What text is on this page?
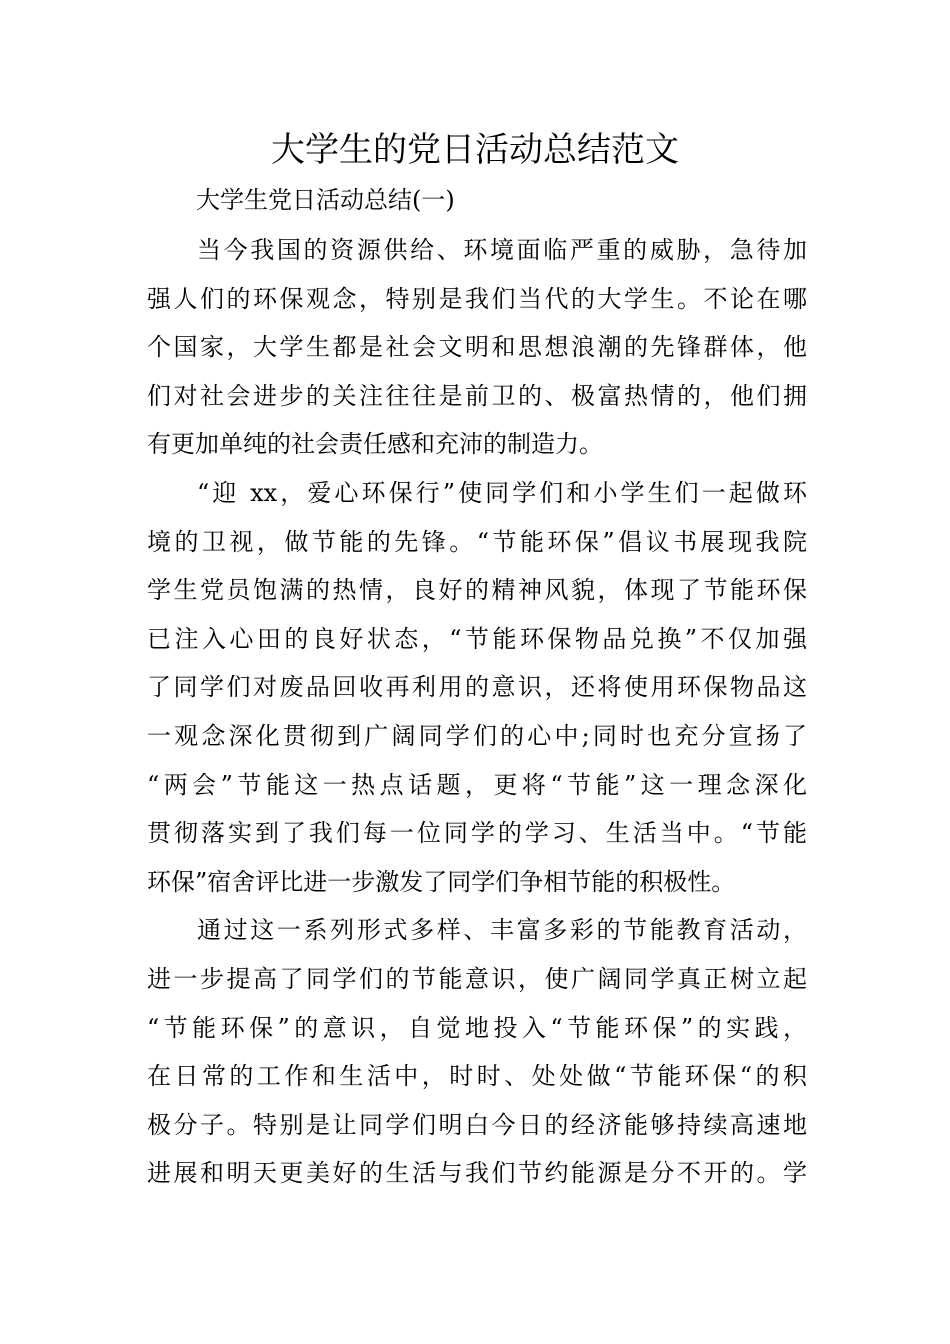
大学生的党日活动总结范文

大学生党日活动总结(一)

当今我国的资源供给、环境面临严重的威胁，急待加
强人们的环保观念，特别是我们当代的大学生。不论在哪
个国家，大学生都是社会文明和思想浪潮的先锋群体，他
们对社会进步的关注往往是前卫的、极富热情的，他们拥
有更加单纯的社会责任感和充沛的制造力。
“迎 xx，爱心环保行”使同学们和小学生们一起做环
境的卫视，做节能的先锋。“节能环保”倡议书展现我院
学生党员饱满的热情，良好的精神风貌，体现了节能环保
已注入心田的良好状态，“节能环保物品兑换”不仅加强
了同学们对废品回收再利用的意识，还将使用环保物品这
一观念深化贯彻到广阔同学们的心中;同时也充分宣扬了
“两会”节能这一热点话题，更将“节能”这一理念深化
贯彻落实到了我们每一位同学的学习、生活当中。“节能
环保”宿舍评比进一步激发了同学们争相节能的积极性。
通过这一系列形式多样、丰富多彩的节能教育活动，
进一步提高了同学们的节能意识，使广阔同学真正树立起
“节能环保”的意识，自觉地投入“节能环保”的实践，
在日常的工作和生活中，时时、处处做“节能环保“的积
极分子。特别是让同学们明白今日的经济能够持续高速地
进展和明天更美好的生活与我们节约能源是分不开的。学
